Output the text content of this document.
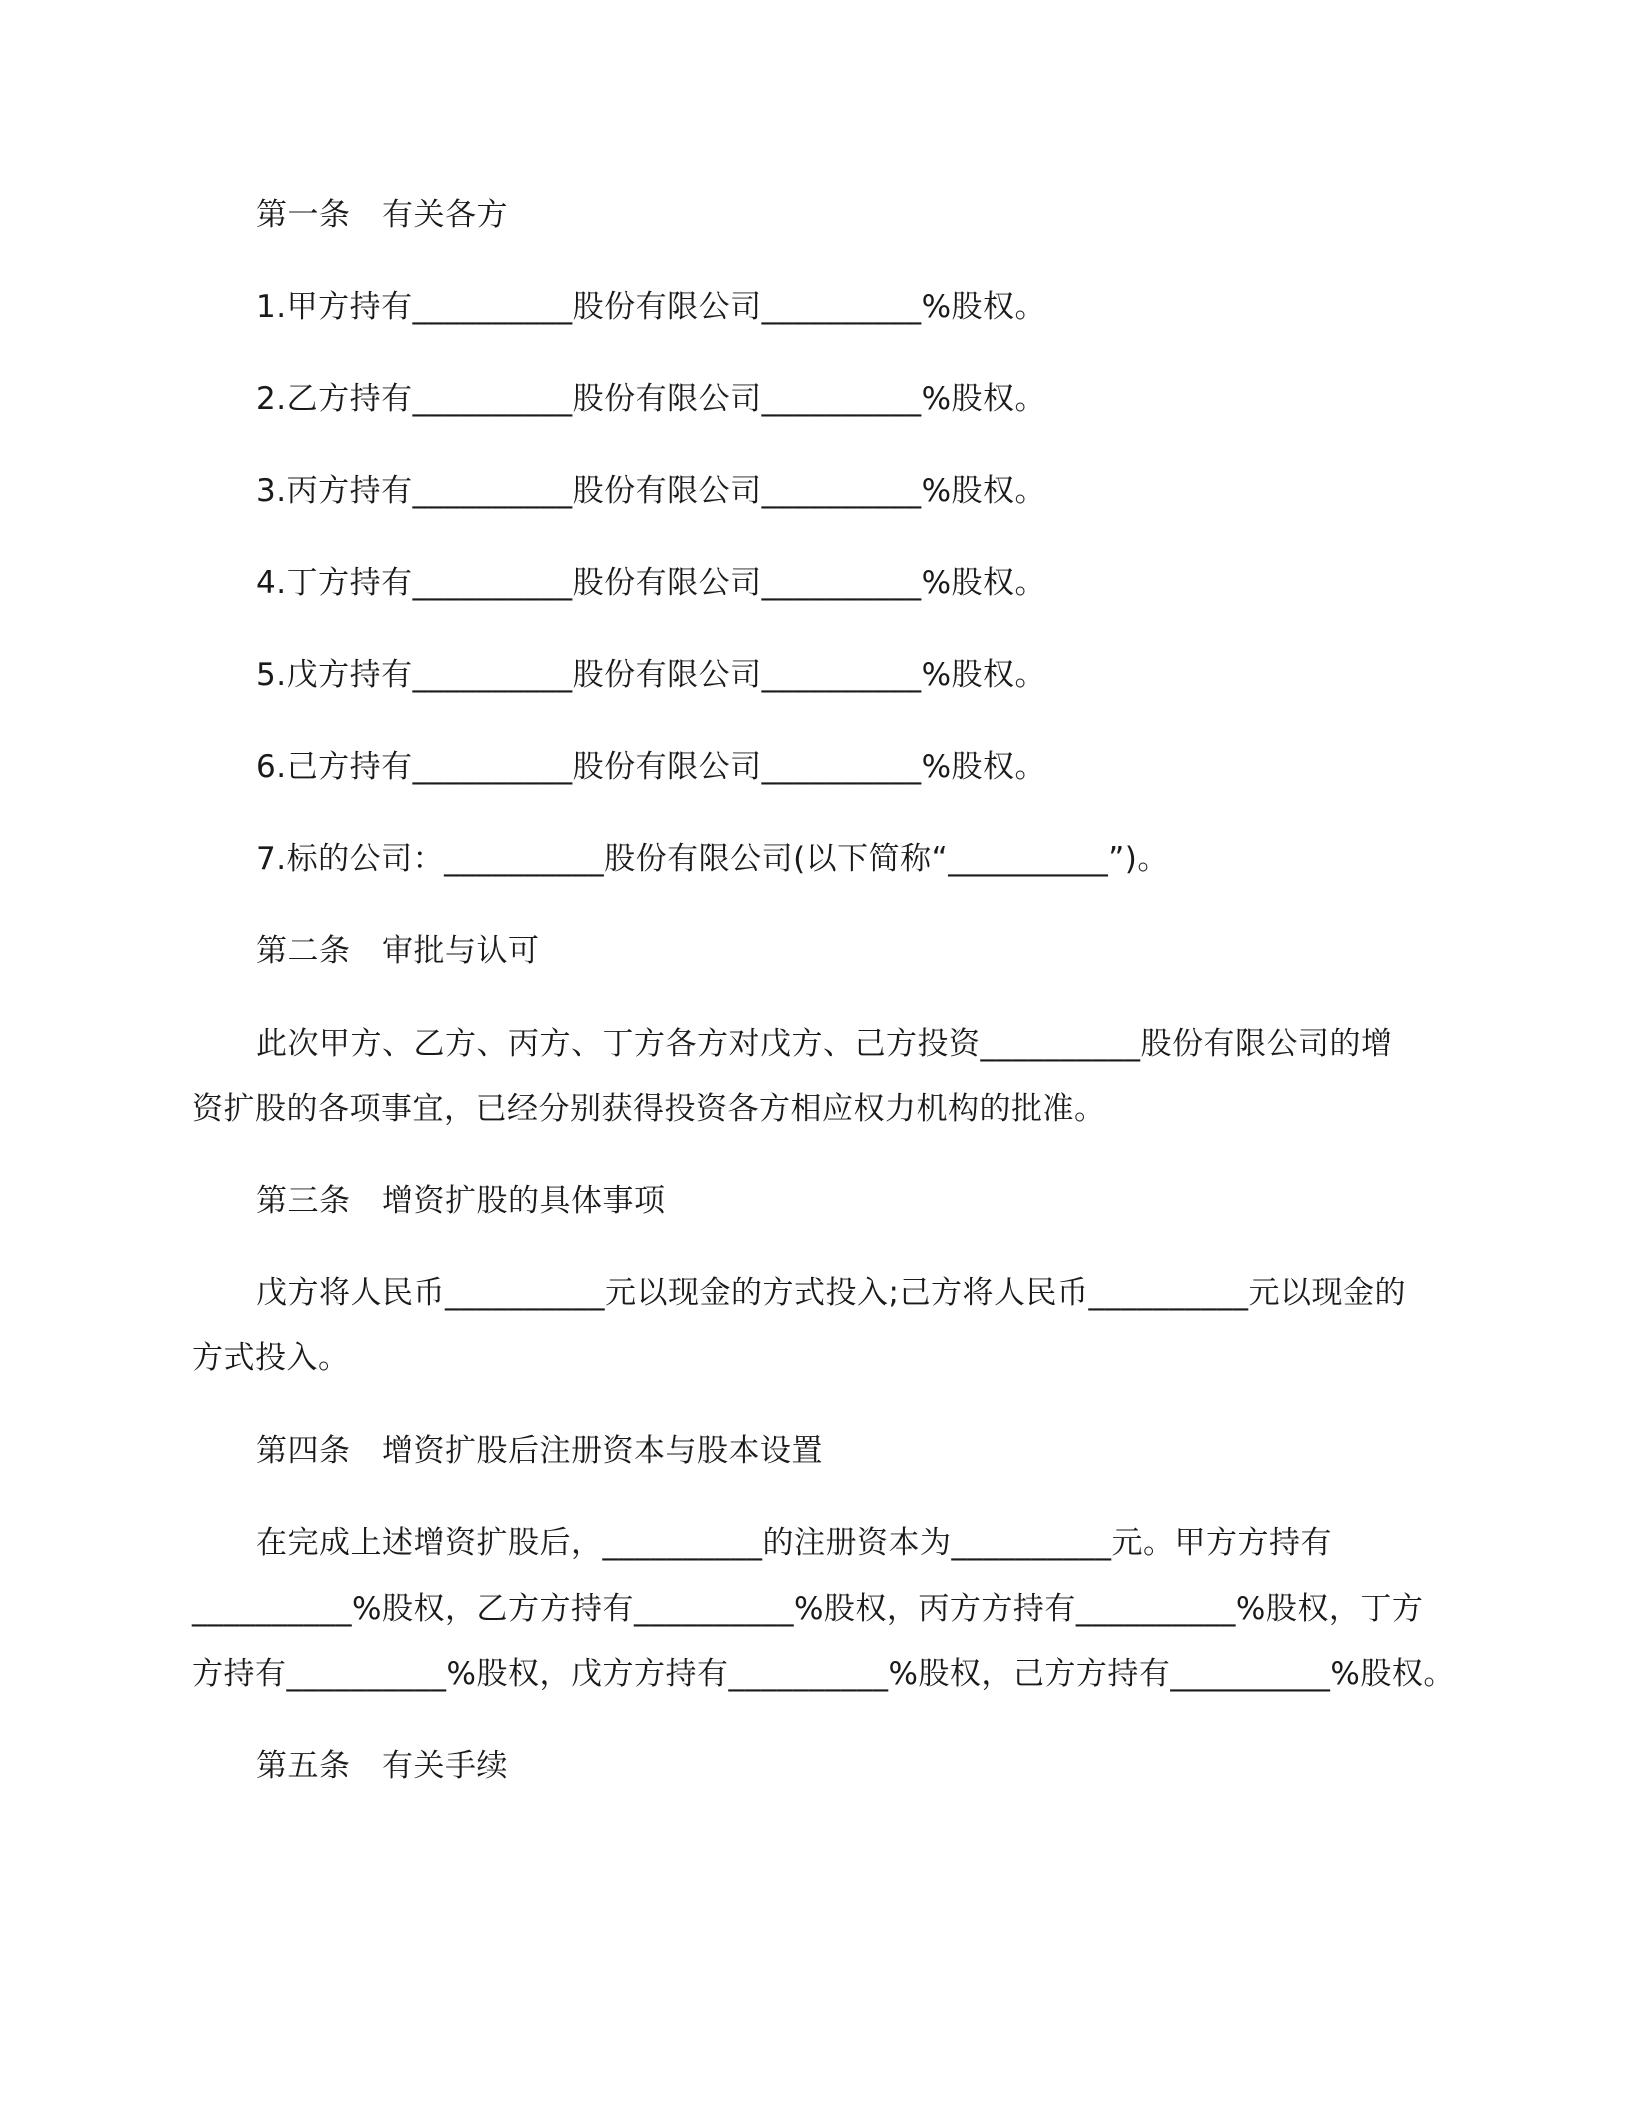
第一条　有关各方
1.甲方持有__________股份有限公司__________%股权。
2.乙方持有__________股份有限公司__________%股权。
3.丙方持有__________股份有限公司__________%股权。
4.丁方持有__________股份有限公司__________%股权。
5.戊方持有__________股份有限公司__________%股权。
6.己方持有__________股份有限公司__________%股权。
7.标的公司：__________股份有限公司(以下简称“__________”)。
第二条　审批与认可
此次甲方、乙方、丙方、丁方各方对戊方、己方投资__________股份有限公司的增
资扩股的各项事宜，已经分别获得投资各方相应权力机构的批准。
第三条　增资扩股的具体事项
戊方将人民币__________元以现金的方式投入;己方将人民币__________元以现金的
方式投入。
第四条　增资扩股后注册资本与股本设置
在完成上述增资扩股后，__________的注册资本为__________元。甲方方持有
__________%股权，乙方方持有__________%股权，丙方方持有__________%股权，丁方
方持有__________%股权，戊方方持有__________%股权，己方方持有__________%股权。
第五条　有关手续
